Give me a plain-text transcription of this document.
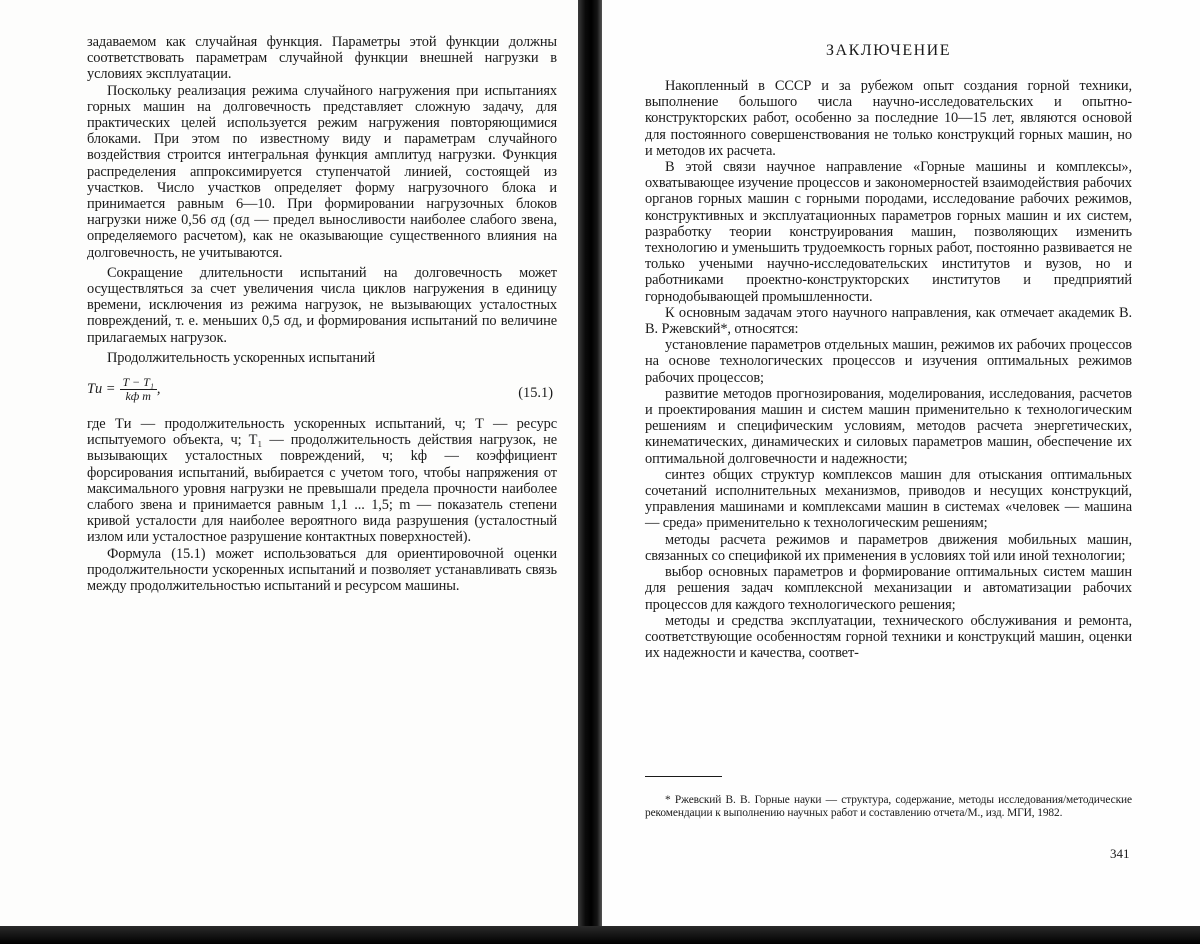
задаваемом как случайная функция. Параметры этой функции должны соответствовать параметрам случайной функции внешней нагрузки в условиях эксплуатации.

Поскольку реализация режима случайного нагружения при испытаниях горных машин на долговечность представляет сложную задачу, для практических целей используется режим нагружения повторяющимися блоками. При этом по известному виду и параметрам случайного воздействия строится интегральная функция амплитуд нагрузки. Функция распределения аппроксимируется ступенчатой линией, состоящей из участков. Число участков определяет форму нагрузочного блока и принимается равным 6—10. При формировании нагрузочных блоков нагрузки ниже 0,56 σд (σд — предел выносливости наиболее слабого звена, определяемого расчетом), как не оказывающие существенного влияния на долговечность, не учитываются.

Сокращение длительности испытаний на долговечность может осуществляться за счет увеличения числа циклов нагружения в единицу времени, исключения из режима нагрузок, не вызывающих усталостных повреждений, т. е. меньших 0,5 σд, и формирования испытаний по величине прилагаемых нагрузок.

Продолжительность ускоренных испытаний

Tи = $\frac{\text{T − T₁}}{\text{kф m}}$ ,	(15.1)

где Tи — продолжительность ускоренных испытаний, ч; T — ресурс испытуемого объекта, ч; T₁ — продолжительность действия нагрузок, не вызывающих усталостных повреждений, ч; kф — коэффициент форсирования испытаний, выбирается с учетом того, чтобы напряжения от максимального уровня нагрузки не превышали предела прочности наиболее слабого звена и принимается равным 1,1 ... 1,5; m — показатель степени кривой усталости для наиболее вероятного вида разрушения (усталостный излом или усталостное разрушение контактных поверхностей).

Формула (15.1) может использоваться для ориентировочной оценки продолжительности ускоренных испытаний и позволяет устанавливать связь между продолжительностью испытаний и ресурсом машины.

ЗАКЛЮЧЕНИЕ

Накопленный в СССР и за рубежом опыт создания горной техники, выполнение большого числа научно-исследовательских и опытно-конструкторских работ, особенно за последние 10—15 лет, являются основой для постоянного совершенствования не только конструкций горных машин, но и методов их расчета.

В этой связи научное направление «Горные машины и комплексы», охватывающее изучение процессов и закономерностей взаимодействия рабочих органов горных машин с горными породами, исследование рабочих режимов, конструктивных и эксплуатационных параметров горных машин и их систем, разработку теории конструирования машин, позволяющих изменить технологию и уменьшить трудоемкость горных работ, постоянно развивается не только учеными научно-исследовательских институтов и вузов, но и работниками проектно-конструкторских институтов и предприятий горнодобывающей промышленности.

К основным задачам этого научного направления, как отмечает академик В. В. Ржевский*, относятся:

установление параметров отдельных машин, режимов их рабочих процессов на основе технологических процессов и изучения оптимальных режимов рабочих процессов;

развитие методов прогнозирования, моделирования, исследования, расчетов и проектирования машин и систем машин применительно к технологическим решениям и специфическим условиям, методов расчета энергетических, кинематических, динамических и силовых параметров машин, обеспечение их оптимальной долговечности и надежности;

синтез общих структур комплексов машин для отыскания оптимальных сочетаний исполнительных механизмов, приводов и несущих конструкций, управления машинами и комплексами машин в системах «человек — машина — среда» применительно к технологическим решениям;

методы расчета режимов и параметров движения мобильных машин, связанных со спецификой их применения в условиях той или иной технологии;

выбор основных параметров и формирование оптимальных систем машин для решения задач комплексной механизации и автоматизации рабочих процессов для каждого технологического решения;

методы и средства эксплуатации, технического обслуживания и ремонта, соответствующие особенностям горной техники и конструкций машин, оценки их надежности и качества, соответ-

* Ржевский В. В. Горные науки — структура, содержание, методы исследования/методические рекомендации к выполнению научных работ и составлению отчета/М., изд. МГИ, 1982.

341
